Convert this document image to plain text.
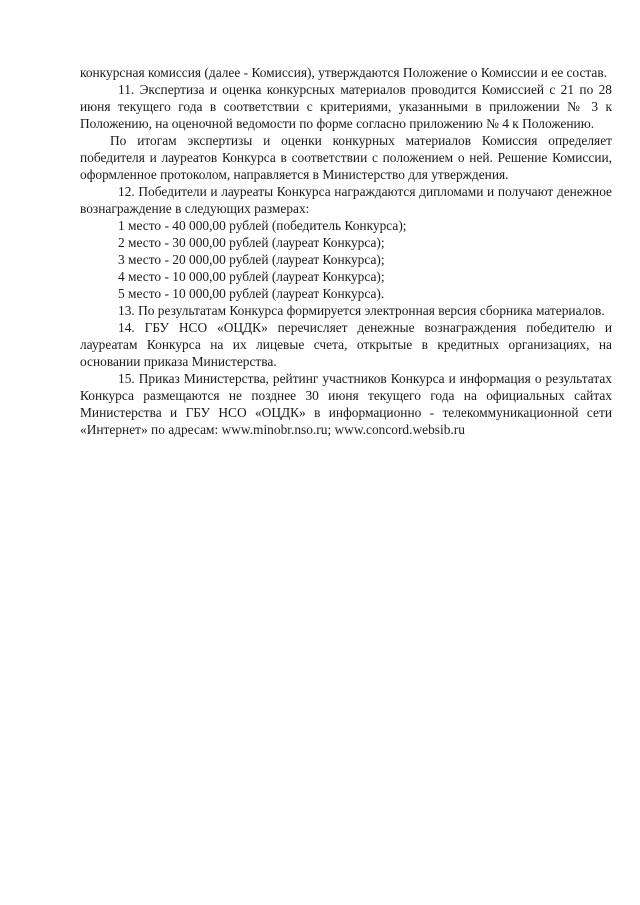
конкурсная комиссия (далее - Комиссия), утверждаются Положение о Комиссии и ее состав.

11. Экспертиза и оценка конкурсных материалов проводится Комиссией с 21 по 28 июня текущего года в соответствии с критериями, указанными в приложении № 3 к Положению, на оценочной ведомости по форме согласно приложению № 4 к Положению.

По итогам экспертизы и оценки конкурных материалов Комиссия определяет победителя и лауреатов Конкурса в соответствии с положением о ней. Решение Комиссии, оформленное протоколом, направляется в Министерство для утверждения.

12. Победители и лауреаты Конкурса награждаются дипломами и получают денежное вознаграждение в следующих размерах:

1 место - 40 000,00 рублей (победитель Конкурса);

2 место - 30 000,00 рублей (лауреат Конкурса);

3 место - 20 000,00 рублей (лауреат Конкурса);

4 место - 10 000,00 рублей (лауреат Конкурса);

5 место - 10 000,00 рублей (лауреат Конкурса).

13. По результатам Конкурса формируется электронная версия сборника материалов.

14. ГБУ НСО «ОЦДК» перечисляет денежные вознаграждения победителю и лауреатам Конкурса на их лицевые счета, открытые в кредитных организациях, на основании приказа Министерства.

15. Приказ Министерства, рейтинг участников Конкурса и информация о результатах Конкурса размещаются не позднее 30 июня текущего года на официальных сайтах Министерства и ГБУ НСО «ОЦДК» в информационно - телекоммуникационной сети «Интернет» по адресам: www.minobr.nso.ru; www.concord.websib.ru
